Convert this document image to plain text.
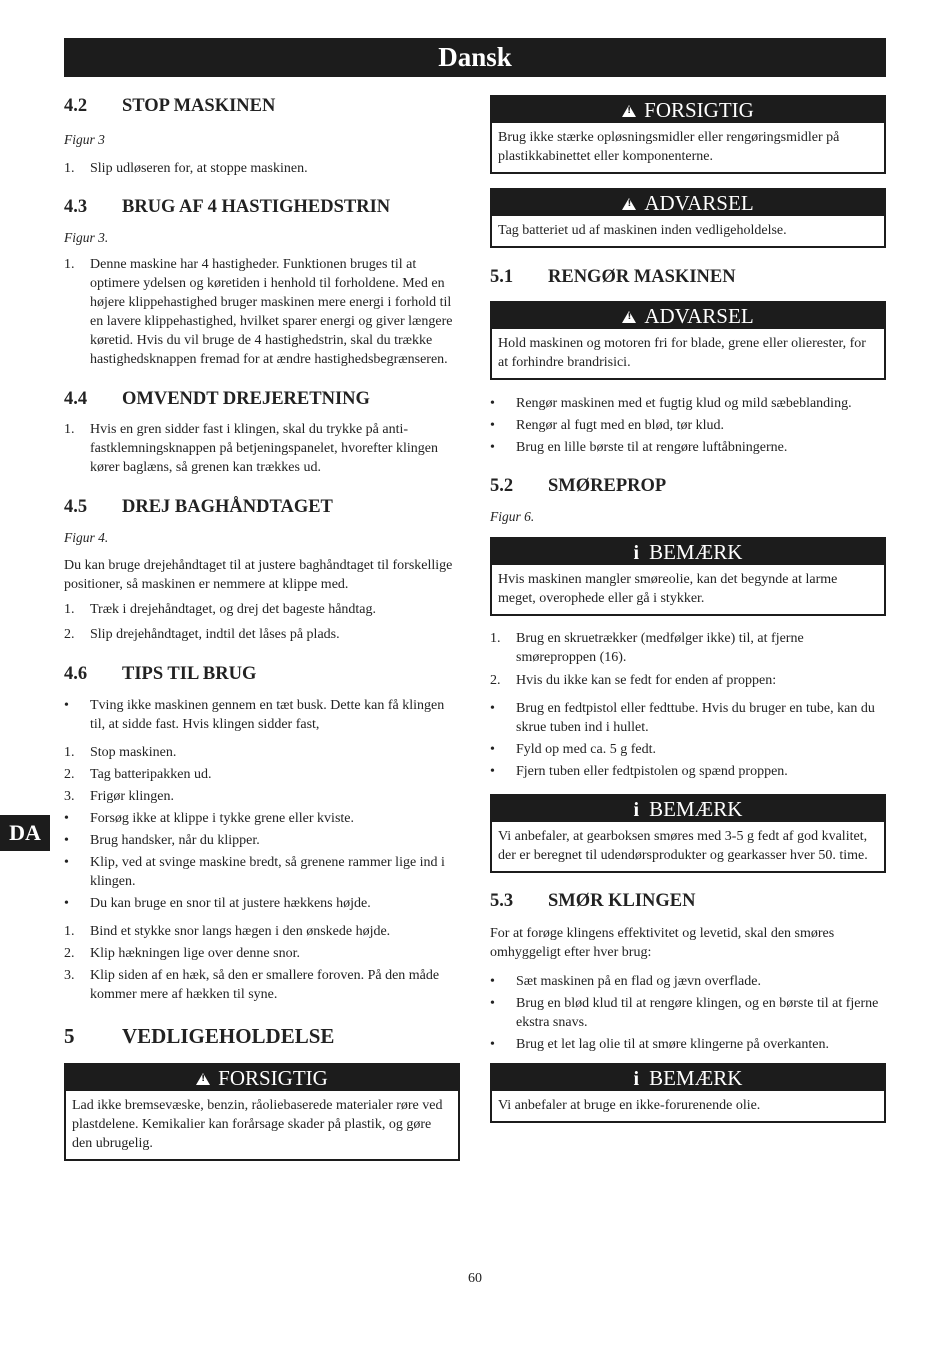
Dansk
4.2 STOP MASKINEN

Figur 3

1. Slip udløseren for, at stoppe maskinen.
4.3 BRUG AF 4 HASTIGHEDSTRIN

Figur 3.

1. Denne maskine har 4 hastigheder. Funktionen bruges til at optimere ydelsen og køretiden i henhold til forholdene. Med en højere klippehastighed bruger maskinen mere energi i forhold til en lavere klippehastighed, hvilket sparer energi og giver længere køretid. Hvis du vil bruge de 4 hastighedstrin, skal du trække hastighedsknappen fremad for at ændre hastighedsbegrænseren.
4.4 OMVENDT DREJERETNING
1. Hvis en gren sidder fast i klingen, skal du trykke på anti-fastklemningsknappen på betjeningspanelet, hvorefter klingen kører baglæns, så grenen kan trækkes ud.
4.5 DREJ BAGHÅNDTAGET

Figur 4.

Du kan bruge drejehåndtaget til at justere baghåndtaget til forskellige positioner, så maskinen er nemmere at klippe med.

1. Træk i drejehåndtaget, og drej det bageste håndtag.
2. Slip drejehåndtaget, indtil det låses på plads.
4.6 TIPS TIL BRUG
• Tving ikke maskinen gennem en tæt busk. Dette kan få klingen til, at sidde fast. Hvis klingen sidder fast,
1. Stop maskinen.
2. Tag batteripakken ud.
3. Frigør klingen.
• Forsøg ikke at klippe i tykke grene eller kviste.
• Brug handsker, når du klipper.
• Klip, ved at svinge maskine bredt, så grenene rammer lige ind i klingen.
• Du kan bruge en snor til at justere hækkens højde.
1. Bind et stykke snor langs hægen i den ønskede højde.
2. Klip hækningen lige over denne snor.
3. Klip siden af en hæk, så den er smallere foroven. På den måde kommer mere af hækken til syne.
5 VEDLIGEHOLDELSE
!FORSIGTIG
Lad ikke bremsevæske, benzin, råoliebaserede materialer røre ved plastdelene. Kemikalier kan forårsage skader på plastik, og gøre den ubrugelig.
!FORSIGTIG
Brug ikke stærke opløsningsmidler eller rengøringsmidler på plastikkabinettet eller komponenterne.
!ADVARSEL
Tag batteriet ud af maskinen inden vedligeholdelse.
5.1 RENGØR MASKINEN
!ADVARSEL
Hold maskinen og motoren fri for blade, grene eller olierester, for at forhindre brandrisici.
• Rengør maskinen med et fugtig klud og mild sæbeblanding.
• Rengør al fugt med en blød, tør klud.
• Brug en lille børste til at rengøre luftåbningerne.
5.2 SMØREPROP

Figur 6.

i BEMÆRK
Hvis maskinen mangler smøreolie, kan det begynde at larme meget, overophede eller gå i stykker.
1. Brug en skruetrækker (medfølger ikke) til, at fjerne smøreproppen (16).
2. Hvis du ikke kan se fedt for enden af proppen:
• Brug en fedtpistol eller fedttube. Hvis du bruger en tube, kan du skrue tuben ind i hullet.
• Fyld op med ca. 5 g fedt.
• Fjern tuben eller fedtpistolen og spænd proppen.
i BEMÆRK
Vi anbefaler, at gearboksen smøres med 3-5 g fedt af god kvalitet, der er beregnet til udendørsprodukter og gearkasser hver 50. time.
5.3 SMØR KLINGEN

For at forøge klingens effektivitet og levetid, skal den smøres omhyggeligt efter hver brug:

• Sæt maskinen på en flad og jævn overflade.
• Brug en blød klud til at rengøre klingen, og en børste til at fjerne ekstra snavs.
• Brug et let lag olie til at smøre klingerne på overkanten.
i BEMÆRK
Vi anbefaler at bruge en ikke-forurenende olie.
DA
60
